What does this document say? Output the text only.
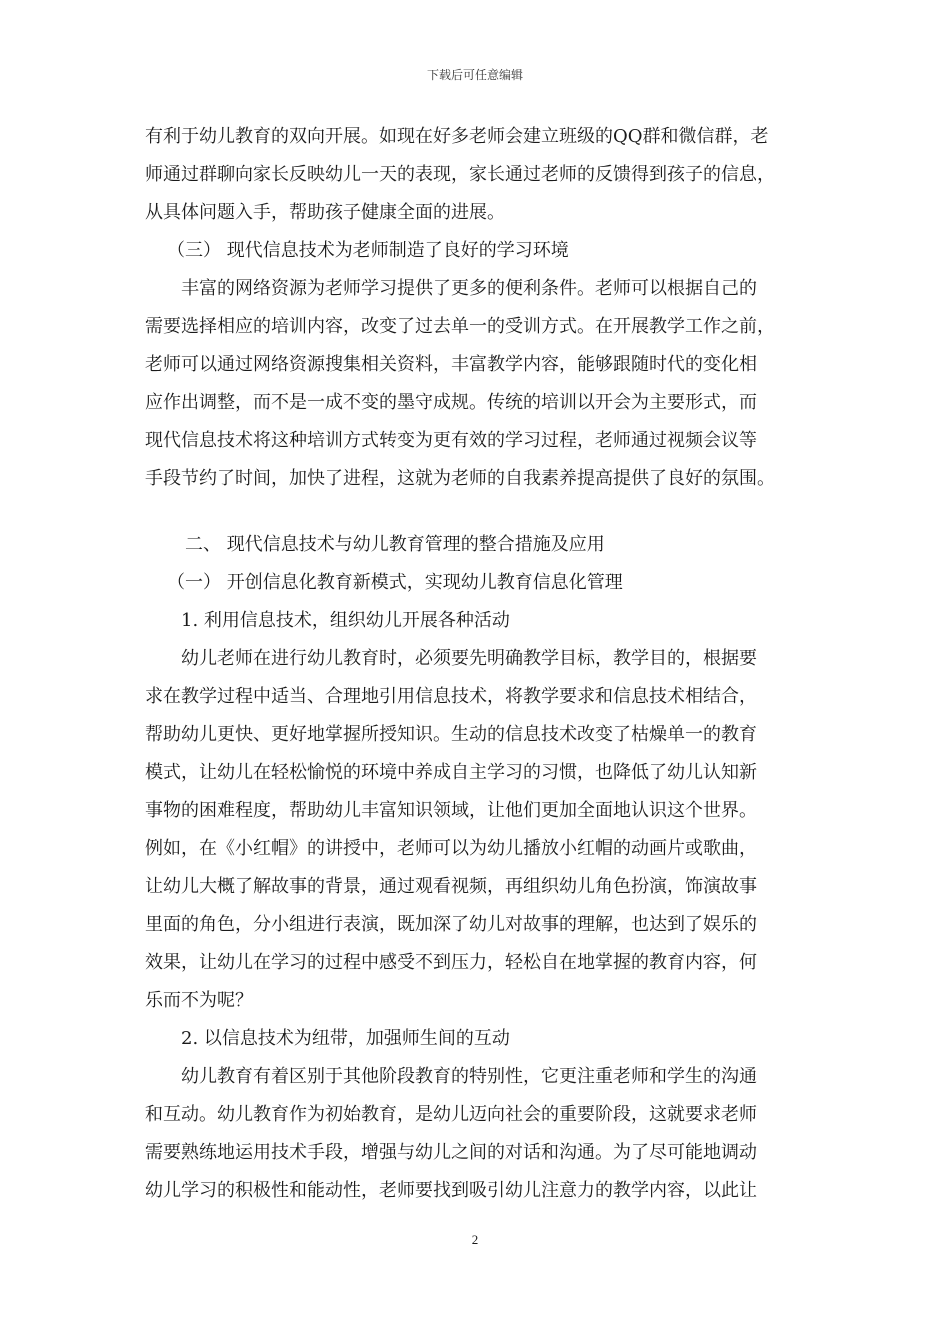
下载后可任意编辑
有利于幼儿教育的双向开展。如现在好多老师会建立班级的QQ群和微信群，老
师通过群聊向家长反映幼儿一天的表现，家长通过老师的反馈得到孩子的信息，
从具体问题入手，帮助孩子健康全面的进展。
（三） 现代信息技术为老师制造了良好的学习环境
丰富的网络资源为老师学习提供了更多的便利条件。老师可以根据自己的
需要选择相应的培训内容，改变了过去单一的受训方式。在开展教学工作之前，
老师可以通过网络资源搜集相关资料，丰富教学内容，能够跟随时代的变化相
应作出调整，而不是一成不变的墨守成规。传统的培训以开会为主要形式，而
现代信息技术将这种培训方式转变为更有效的学习过程，老师通过视频会议等
手段节约了时间，加快了进程，这就为老师的自我素养提高提供了良好的氛围。
二、 现代信息技术与幼儿教育管理的整合措施及应用
（一） 开创信息化教育新模式，实现幼儿教育信息化管理
1. 利用信息技术，组织幼儿开展各种活动
幼儿老师在进行幼儿教育时，必须要先明确教学目标，教学目的，根据要
求在教学过程中适当、合理地引用信息技术，将教学要求和信息技术相结合，
帮助幼儿更快、更好地掌握所授知识。生动的信息技术改变了枯燥单一的教育
模式，让幼儿在轻松愉悦的环境中养成自主学习的习惯，也降低了幼儿认知新
事物的困难程度，帮助幼儿丰富知识领域，让他们更加全面地认识这个世界。
例如，在《小红帽》的讲授中，老师可以为幼儿播放小红帽的动画片或歌曲，
让幼儿大概了解故事的背景，通过观看视频，再组织幼儿角色扮演，饰演故事
里面的角色，分小组进行表演，既加深了幼儿对故事的理解，也达到了娱乐的
效果，让幼儿在学习的过程中感受不到压力，轻松自在地掌握的教育内容，何
乐而不为呢？
2. 以信息技术为纽带，加强师生间的互动
幼儿教育有着区别于其他阶段教育的特别性，它更注重老师和学生的沟通
和互动。幼儿教育作为初始教育，是幼儿迈向社会的重要阶段，这就要求老师
需要熟练地运用技术手段，增强与幼儿之间的对话和沟通。为了尽可能地调动
幼儿学习的积极性和能动性，老师要找到吸引幼儿注意力的教学内容，以此让
2
